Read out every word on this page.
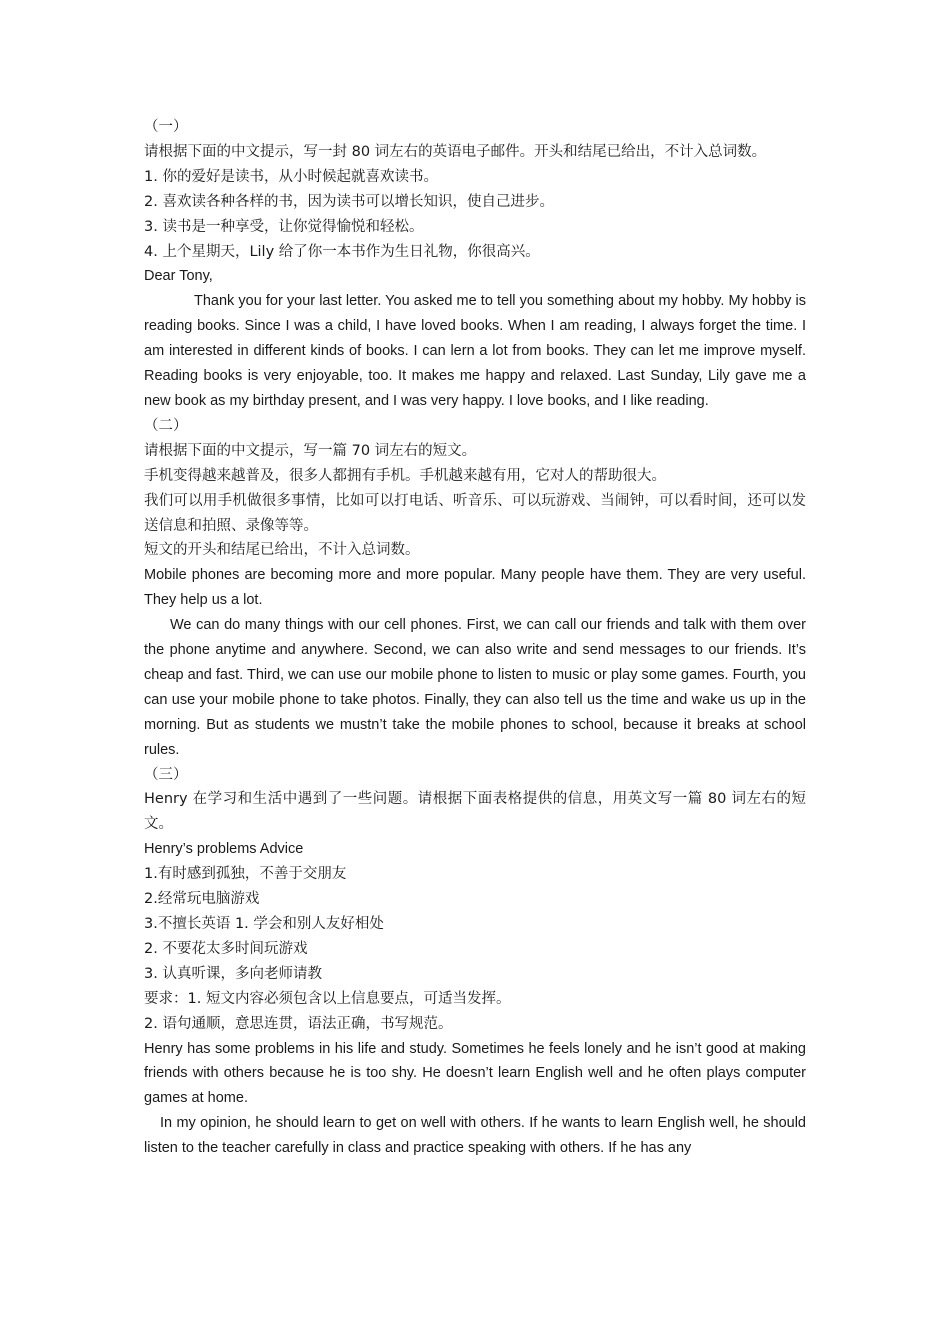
（一）

请根据下面的中文提示，写一封 80 词左右的英语电子邮件。开头和结尾已给出，不计入总词数。

1. 你的爱好是读书，从小时候起就喜欢读书。

2. 喜欢读各种各样的书，因为读书可以增长知识，使自己进步。

3. 读书是一种享受，让你觉得愉悦和轻松。

4. 上个星期天，Lily 给了你一本书作为生日礼物，你很高兴。

Dear Tony,

Thank you for your last letter. You asked me to tell you something about my hobby. My hobby is reading books. Since I was a child, I have loved books. When I am reading, I always forget the time. I am interested in different kinds of books. I can lern a lot from books. They can let me improve myself. Reading books is very enjoyable, too. It makes me happy and relaxed. Last Sunday, Lily gave me a new book as my birthday present, and I was very happy. I love books, and I like reading.

（二）

请根据下面的中文提示，写一篇 70 词左右的短文。

手机变得越来越普及，很多人都拥有手机。手机越来越有用，它对人的帮助很大。

我们可以用手机做很多事情，比如可以打电话、听音乐、可以玩游戏、当闹钟，可以看时间，还可以发送信息和拍照、录像等等。

短文的开头和结尾已给出，不计入总词数。

Mobile phones are becoming more and more popular. Many people have them. They are very useful. They help us a lot.

We can do many things with our cell phones. First, we can call our friends and talk with them over the phone anytime and anywhere. Second, we can also write and send messages to our friends. It’s cheap and fast. Third, we can use our mobile phone to listen to music or play some games. Fourth, you can use your mobile phone to take photos. Finally, they can also tell us the time and wake us up in the morning. But as students we mustn’t take the mobile phones to school, because it breaks at school rules.

（三）

Henry 在学习和生活中遇到了一些问题。请根据下面表格提供的信息，用英文写一篇 80 词左右的短文。

Henry’s problems Advice

1.有时感到孤独，不善于交朋友

2.经常玩电脑游戏

3.不擅长英语 1. 学会和别人友好相处

2. 不要花太多时间玩游戏

3. 认真听课，多向老师请教

要求：1. 短文内容必须包含以上信息要点，可适当发挥。

2. 语句通顺，意思连贯，语法正确，书写规范。

Henry has some problems in his life and study. Sometimes he feels lonely and he isn’t good at making friends with others because he is too shy. He doesn’t learn English well and he often plays computer games at home.

In my opinion, he should learn to get on well with others. If he wants to learn English well, he should listen to the teacher carefully in class and practice speaking with others. If he has any
